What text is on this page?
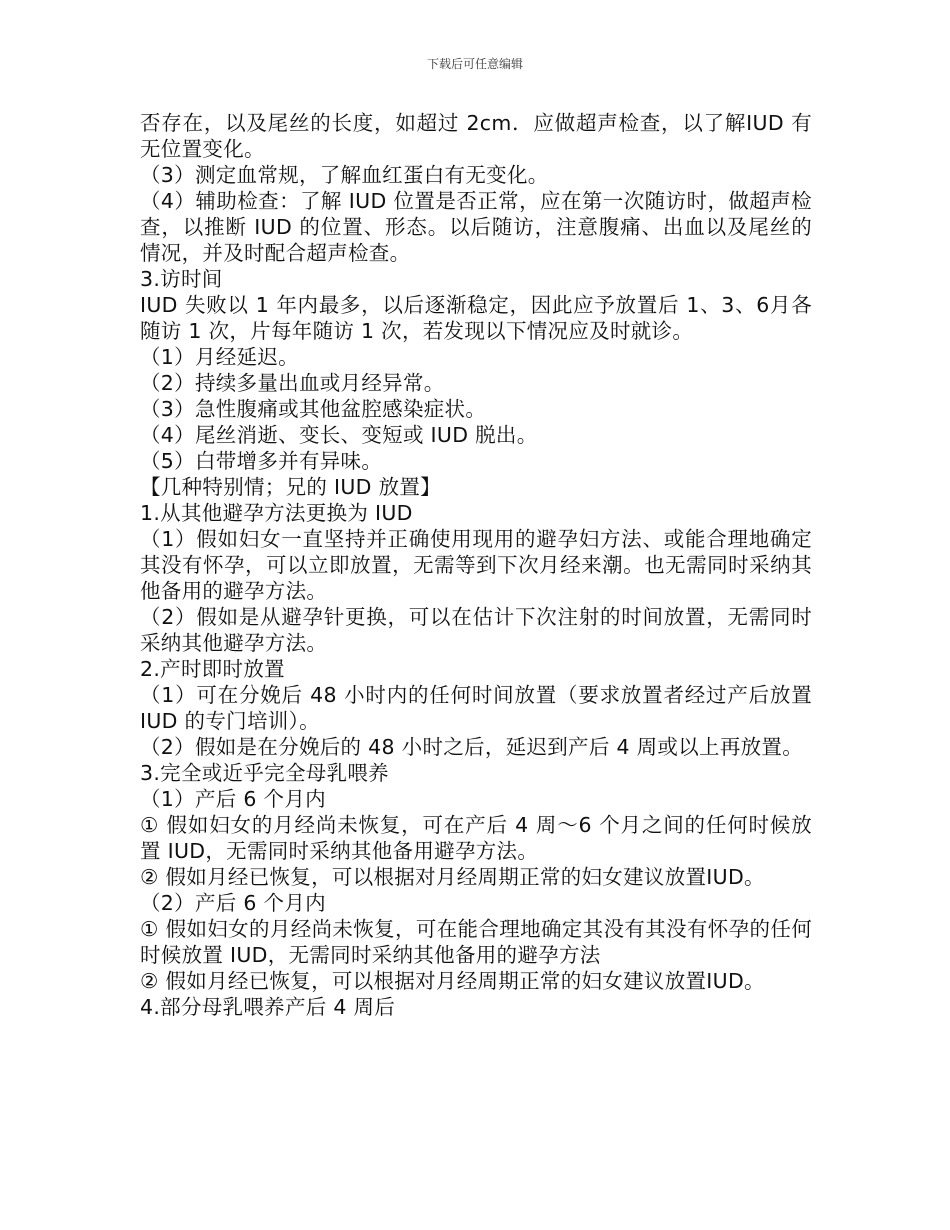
下载后可任意编辑

否存在，以及尾丝的长度，如超过 2cm．应做超声检查，以了解IUD 有无位置变化。

（3）测定血常规，了解血红蛋白有无变化。

（4）辅助检查：了解 IUD 位置是否正常，应在第一次随访时，做超声检查，以推断 IUD 的位置、形态。以后随访，注意腹痛、出血以及尾丝的情况，并及时配合超声检查。

3.访时间

IUD 失败以 1 年内最多，以后逐渐稳定，因此应予放置后 1、3、6月各随访 1 次，片每年随访 1 次，若发现以下情况应及时就诊。

（1）月经延迟。

（2）持续多量出血或月经异常。

（3）急性腹痛或其他盆腔感染症状。

（4）尾丝消逝、变长、变短或 IUD 脱出。

（5）白带增多并有异味。

【几种特别情；兄的 IUD 放置】

1.从其他避孕方法更换为 IUD

（1）假如妇女一直坚持并正确使用现用的避孕妇方法、或能合理地确定其没有怀孕，可以立即放置，无需等到下次月经来潮。也无需同时采纳其他备用的避孕方法。

（2）假如是从避孕针更换，可以在估计下次注射的时间放置，无需同时采纳其他避孕方法。

2.产时即时放置

（1）可在分娩后 48 小时内的任何时间放置（要求放置者经过产后放置 IUD 的专门培训）。

（2）假如是在分娩后的 48 小时之后，延迟到产后 4 周或以上再放置。

3.完全或近乎完全母乳喂养

（1）产后 6 个月内

① 假如妇女的月经尚未恢复，可在产后 4 周～6 个月之间的任何时候放置 IUD，无需同时采纳其他备用避孕方法。

② 假如月经已恢复，可以根据对月经周期正常的妇女建议放置IUD。

（2）产后 6 个月内

① 假如妇女的月经尚未恢复，可在能合理地确定其没有其没有怀孕的任何时候放置 IUD，无需同时采纳其他备用的避孕方法

② 假如月经已恢复，可以根据对月经周期正常的妇女建议放置IUD。

4.部分母乳喂养产后 4 周后
